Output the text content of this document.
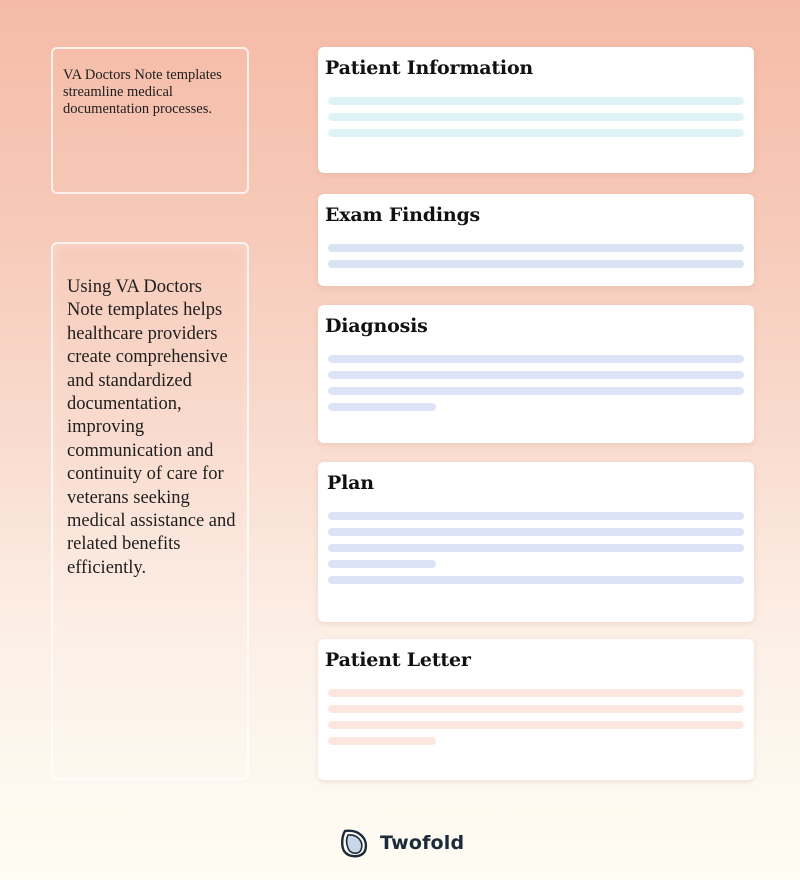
VA Doctors Note templates streamline medical documentation processes.
Using VA Doctors Note templates helps healthcare providers create comprehensive and standardized documentation, improving communication and continuity of care for veterans seeking medical assistance and related benefits efficiently.
Patient Information
Exam Findings
Diagnosis
Plan
Patient Letter
Twofold
